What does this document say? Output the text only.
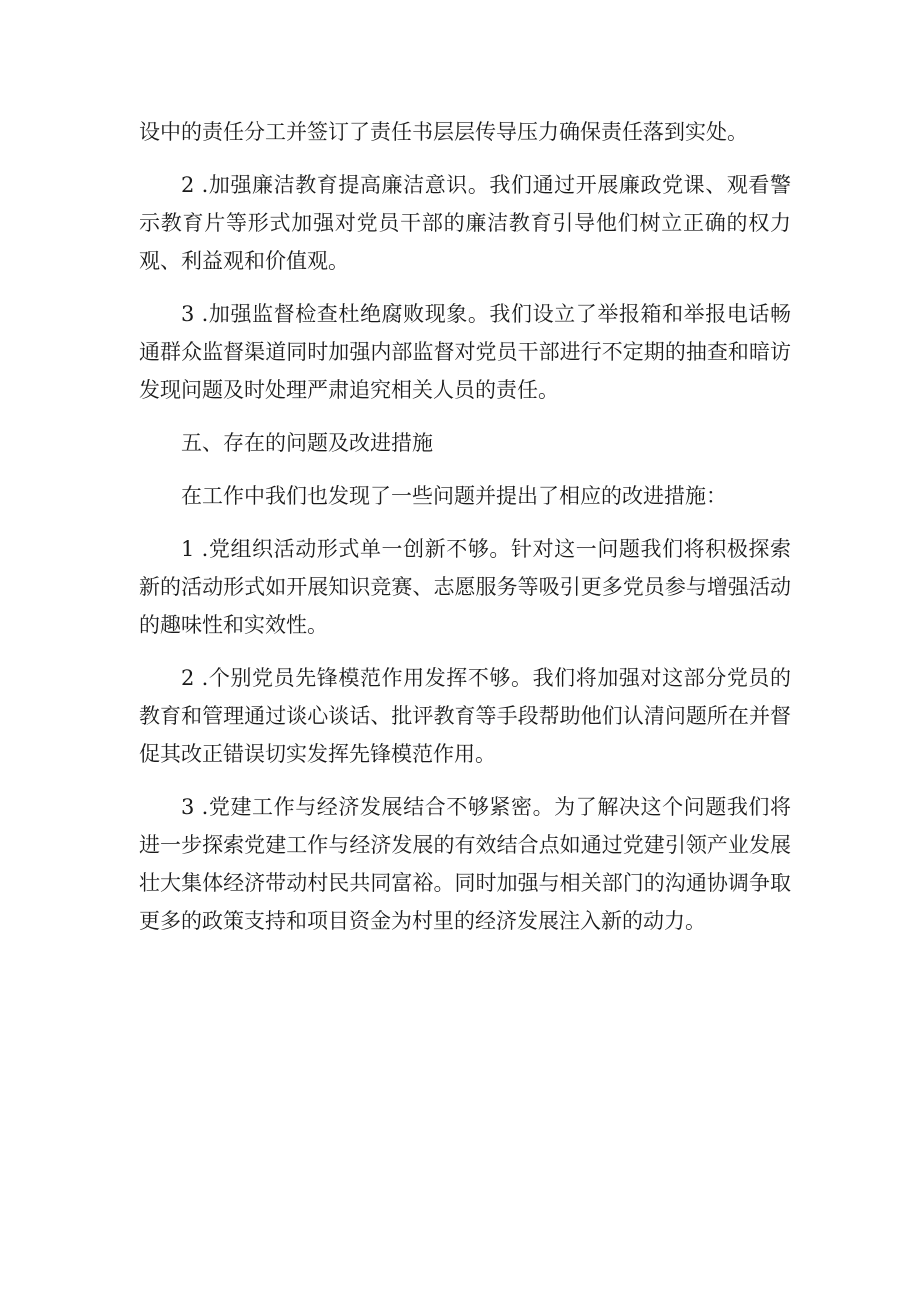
设中的责任分工并签订了责任书层层传导压力确保责任落到实处。

2 .加强廉洁教育提高廉洁意识。我们通过开展廉政党课、观看警示教育片等形式加强对党员干部的廉洁教育引导他们树立正确的权力观、利益观和价值观。

3 .加强监督检查杜绝腐败现象。我们设立了举报箱和举报电话畅通群众监督渠道同时加强内部监督对党员干部进行不定期的抽查和暗访发现问题及时处理严肃追究相关人员的责任。

五、存在的问题及改进措施

在工作中我们也发现了一些问题并提出了相应的改进措施：

1 .党组织活动形式单一创新不够。针对这一问题我们将积极探索新的活动形式如开展知识竞赛、志愿服务等吸引更多党员参与增强活动的趣味性和实效性。

2 .个别党员先锋模范作用发挥不够。我们将加强对这部分党员的教育和管理通过谈心谈话、批评教育等手段帮助他们认清问题所在并督促其改正错误切实发挥先锋模范作用。

3 .党建工作与经济发展结合不够紧密。为了解决这个问题我们将进一步探索党建工作与经济发展的有效结合点如通过党建引领产业发展壮大集体经济带动村民共同富裕。同时加强与相关部门的沟通协调争取更多的政策支持和项目资金为村里的经济发展注入新的动力。
